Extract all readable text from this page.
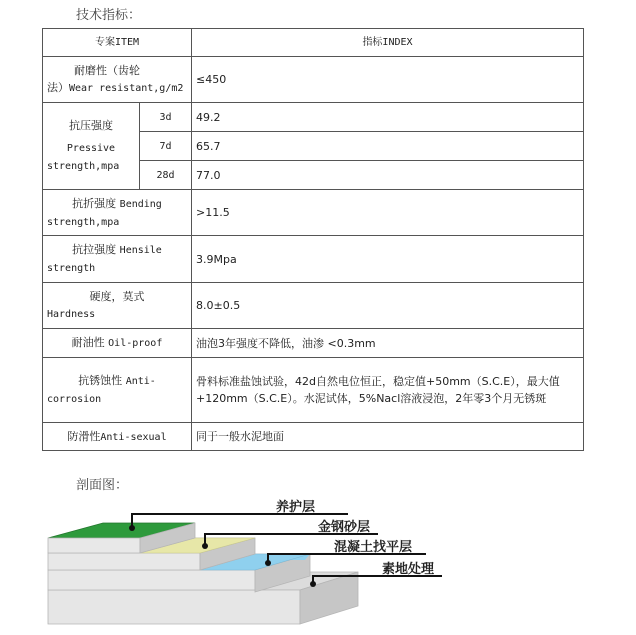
技术指标：
专案ITEM		指标INDEX

耐磨性（齿轮
法）Wear resistant,g/m2		≤450

抗压强度
Pressive
strength,mpa	3d	49.2
	7d	65.7
	28d	77.0

抗折强度 Bending
strength,mpa		>11.5

抗拉强度 Hensile
strength		3.9Mpa

硬度，莫式
Hardness		8.0±0.5
耐油性 Oil-proof		油泡3年强度不降低，油渗 <0.3mm

抗锈蚀性 Anti-
corrosion		骨料标准盐蚀试验，42d自然电位恒正，稳定值+50mm（S.C.E），最大值+120mm（S.C.E）。水泥试体，5%Nacl溶液浸泡，2年零3个月无锈斑
防滑性Anti-sexual		同于一般水泥地面
剖面图：
养护层
金钢砂层
混凝土找平层
素地处理
